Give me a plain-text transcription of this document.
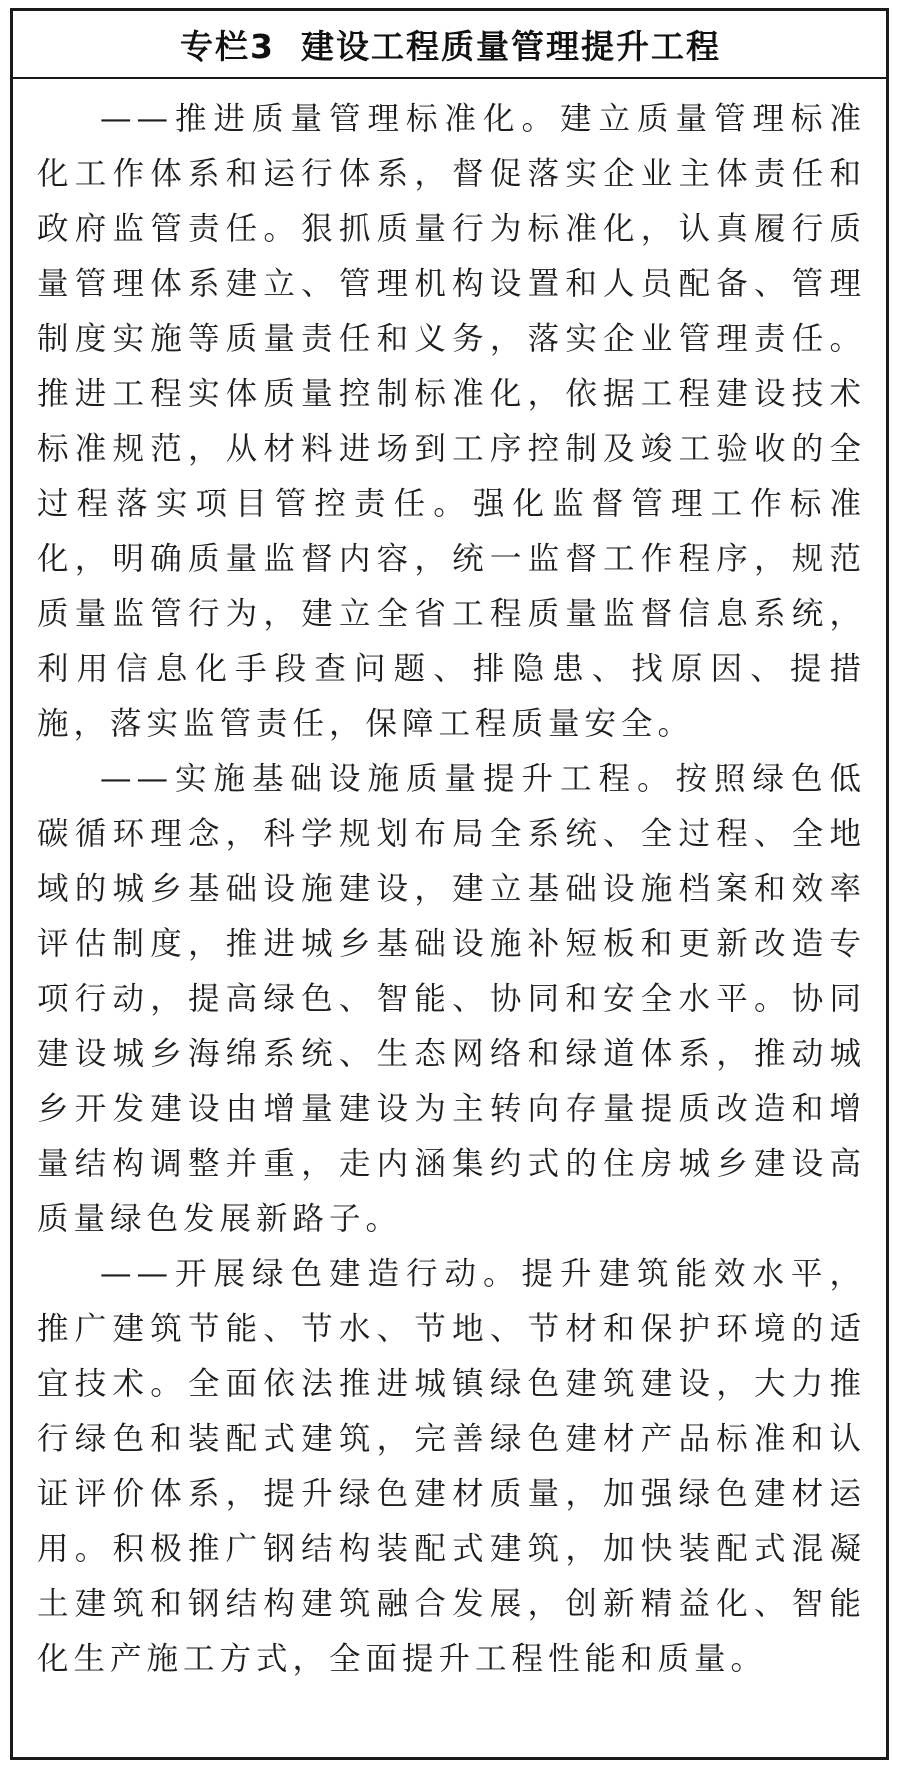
专栏3 建设工程质量管理提升工程

——推进质量管理标准化。建立质量管理标准化工作体系和运行体系，督促落实企业主体责任和政府监管责任。狠抓质量行为标准化，认真履行质量管理体系建立、管理机构设置和人员配备、管理制度实施等质量责任和义务，落实企业管理责任。推进工程实体质量控制标准化，依据工程建设技术标准规范，从材料进场到工序控制及竣工验收的全过程落实项目管控责任。强化监督管理工作标准化，明确质量监督内容，统一监督工作程序，规范质量监管行为，建立全省工程质量监督信息系统，利用信息化手段查问题、排隐患、找原因、提措施，落实监管责任，保障工程质量安全。

——实施基础设施质量提升工程。按照绿色低碳循环理念，科学规划布局全系统、全过程、全地域的城乡基础设施建设，建立基础设施档案和效率评估制度，推进城乡基础设施补短板和更新改造专项行动，提高绿色、智能、协同和安全水平。协同建设城乡海绵系统、生态网络和绿道体系，推动城乡开发建设由增量建设为主转向存量提质改造和增量结构调整并重，走内涵集约式的住房城乡建设高质量绿色发展新路子。

——开展绿色建造行动。提升建筑能效水平，推广建筑节能、节水、节地、节材和保护环境的适宜技术。全面依法推进城镇绿色建筑建设，大力推行绿色和装配式建筑，完善绿色建材产品标准和认证评价体系，提升绿色建材质量，加强绿色建材运用。积极推广钢结构装配式建筑，加快装配式混凝土建筑和钢结构建筑融合发展，创新精益化、智能化生产施工方式，全面提升工程性能和质量。
